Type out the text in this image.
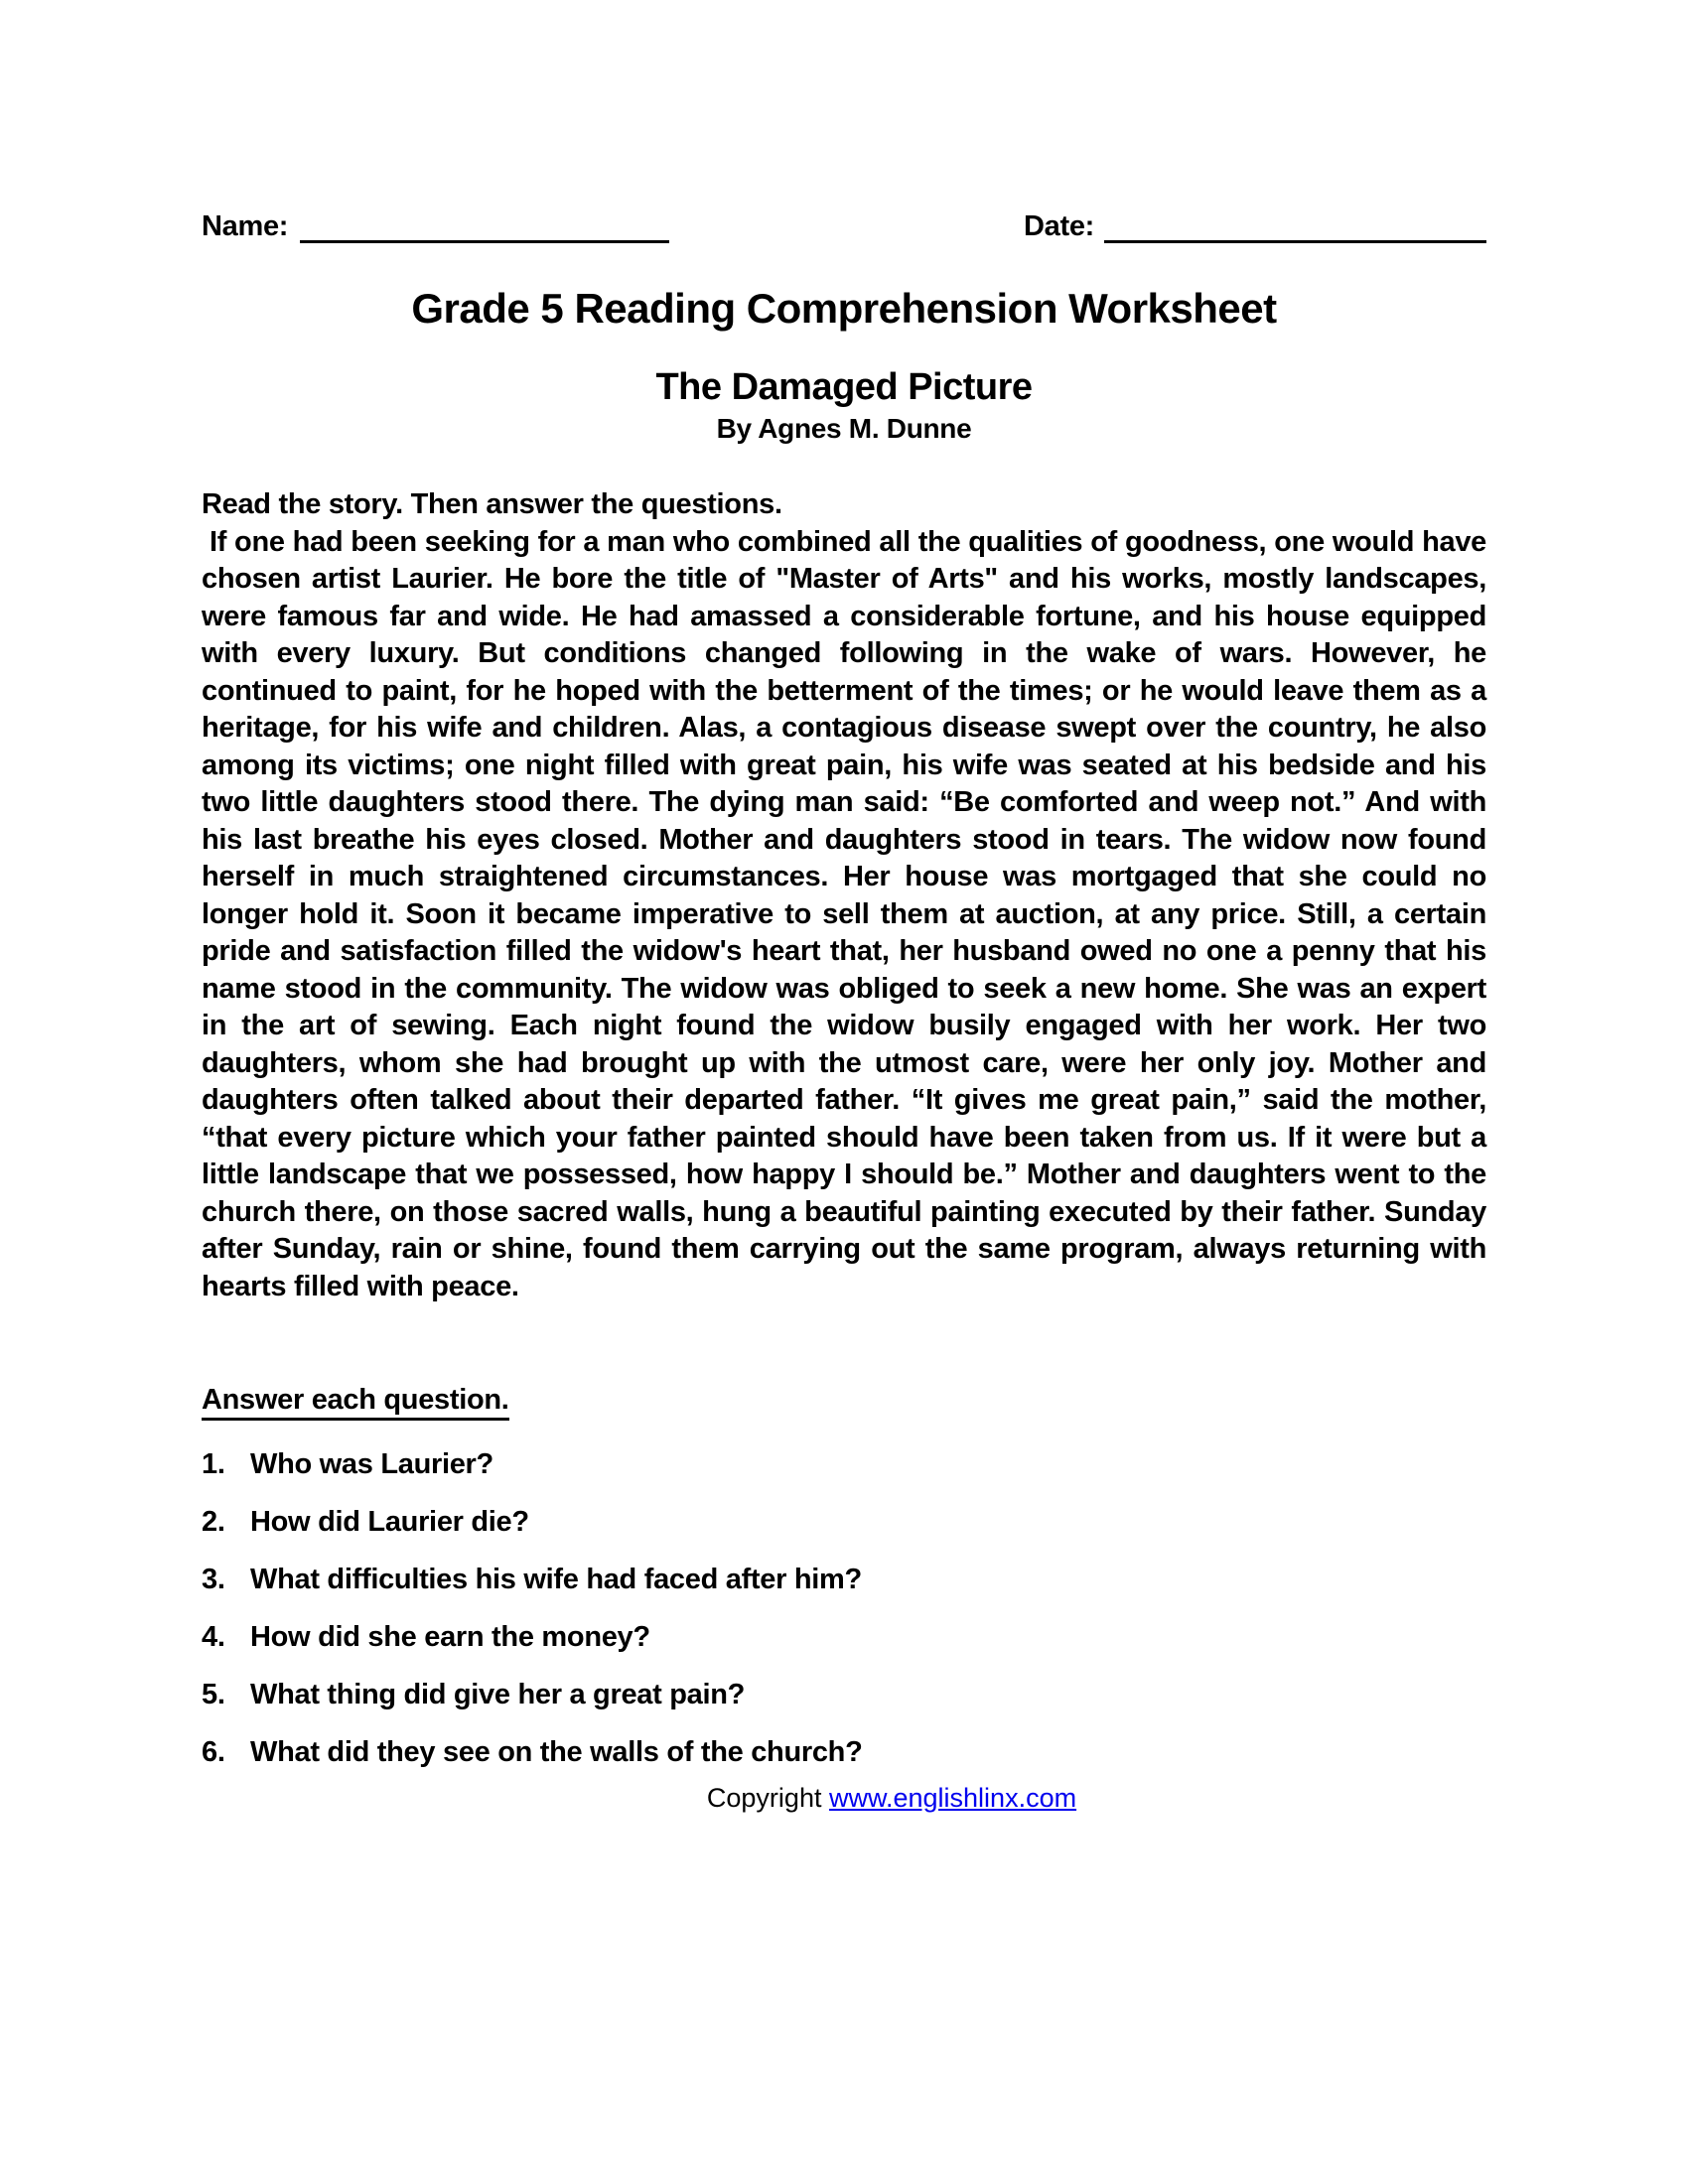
Name:	Date:
Grade 5 Reading Comprehension Worksheet
The Damaged Picture
By Agnes M. Dunne
Read the story. Then answer the questions.
If one had been seeking for a man who combined all the qualities of goodness, one would have chosen artist Laurier. He bore the title of "Master of Arts" and his works, mostly landscapes, were famous far and wide. He had amassed a considerable fortune, and his house equipped with every luxury. But conditions changed following in the wake of wars. However, he continued to paint, for he hoped with the betterment of the times; or he would leave them as a heritage, for his wife and children. Alas, a contagious disease swept over the country, he also among its victims; one night filled with great pain, his wife was seated at his bedside and his two little daughters stood there. The dying man said: “Be comforted and weep not.” And with his last breathe his eyes closed. Mother and daughters stood in tears. The widow now found herself in much straightened circumstances. Her house was mortgaged that she could no longer hold it. Soon it became imperative to sell them at auction, at any price. Still, a certain pride and satisfaction filled the widow's heart that, her husband owed no one a penny that his name stood in the community. The widow was obliged to seek a new home. She was an expert in the art of sewing. Each night found the widow busily engaged with her work. Her two daughters, whom she had brought up with the utmost care, were her only joy. Mother and daughters often talked about their departed father. “It gives me great pain,” said the mother, “that every picture which your father painted should have been taken from us. If it were but a little landscape that we possessed, how happy I should be.” Mother and daughters went to the church there, on those sacred walls, hung a beautiful painting executed by their father. Sunday after Sunday, rain or shine, found them carrying out the same program, always returning with hearts filled with peace.
Answer each question.
1. Who was Laurier?
2. How did Laurier die?
3. What difficulties his wife had faced after him?
4. How did she earn the money?
5. What thing did give her a great pain?
6. What did they see on the walls of the church?
Copyright www.englishlinx.com
